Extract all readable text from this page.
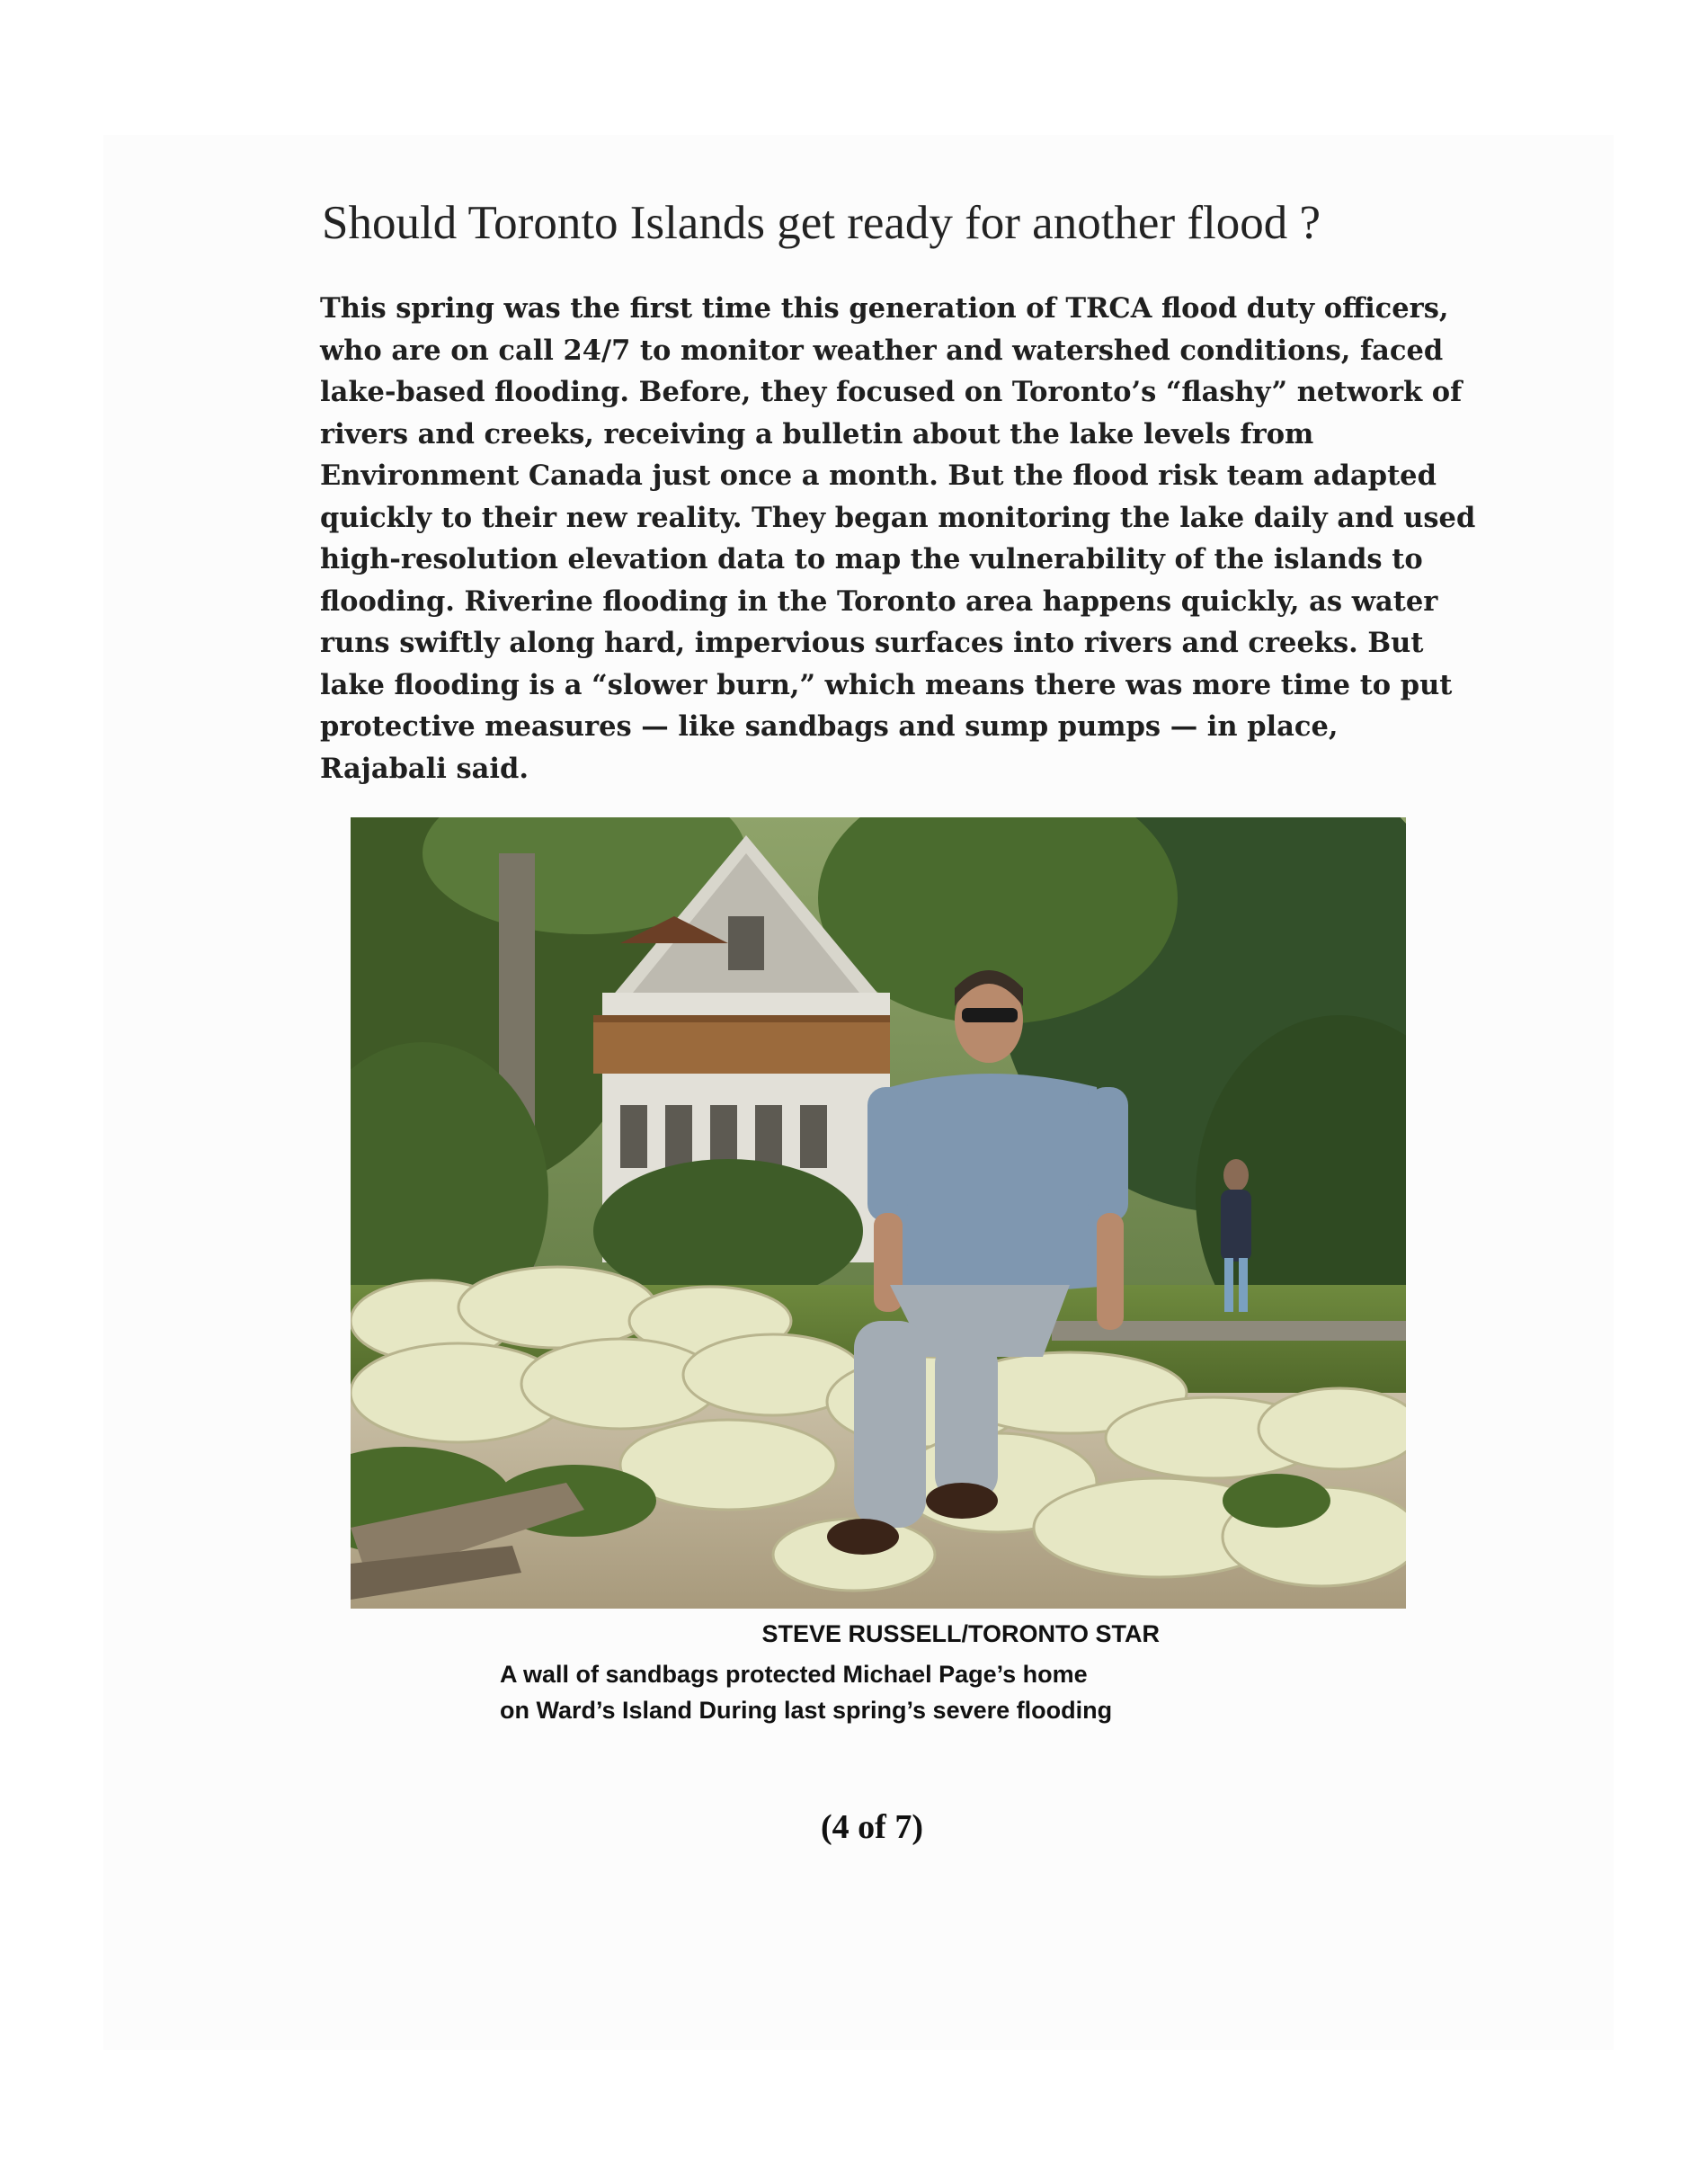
Should Toronto Islands get ready for another flood ?
This spring was the first time this generation of TRCA flood duty officers,
who are on call 24/7 to monitor weather and watershed conditions, faced
lake-based flooding. Before, they focused on Toronto’s “flashy” network of
rivers and creeks, receiving a bulletin about the lake levels from
Environment Canada just once a month. But the flood risk team adapted
quickly to their new reality. They began monitoring the lake daily and used
high-resolution elevation data to map the vulnerability of the islands to
flooding. Riverine flooding in the Toronto area happens quickly, as water
runs swiftly along hard, impervious surfaces into rivers and creeks. But
lake flooding is a “slower burn,” which means there was more time to put
protective measures — like sandbags and sump pumps — in place,
Rajabali said.

STEVE RUSSELL/TORONTO STAR

A wall of sandbags protected Michael Page’s home
on Ward’s Island During last spring’s severe flooding

(4 of 7)
